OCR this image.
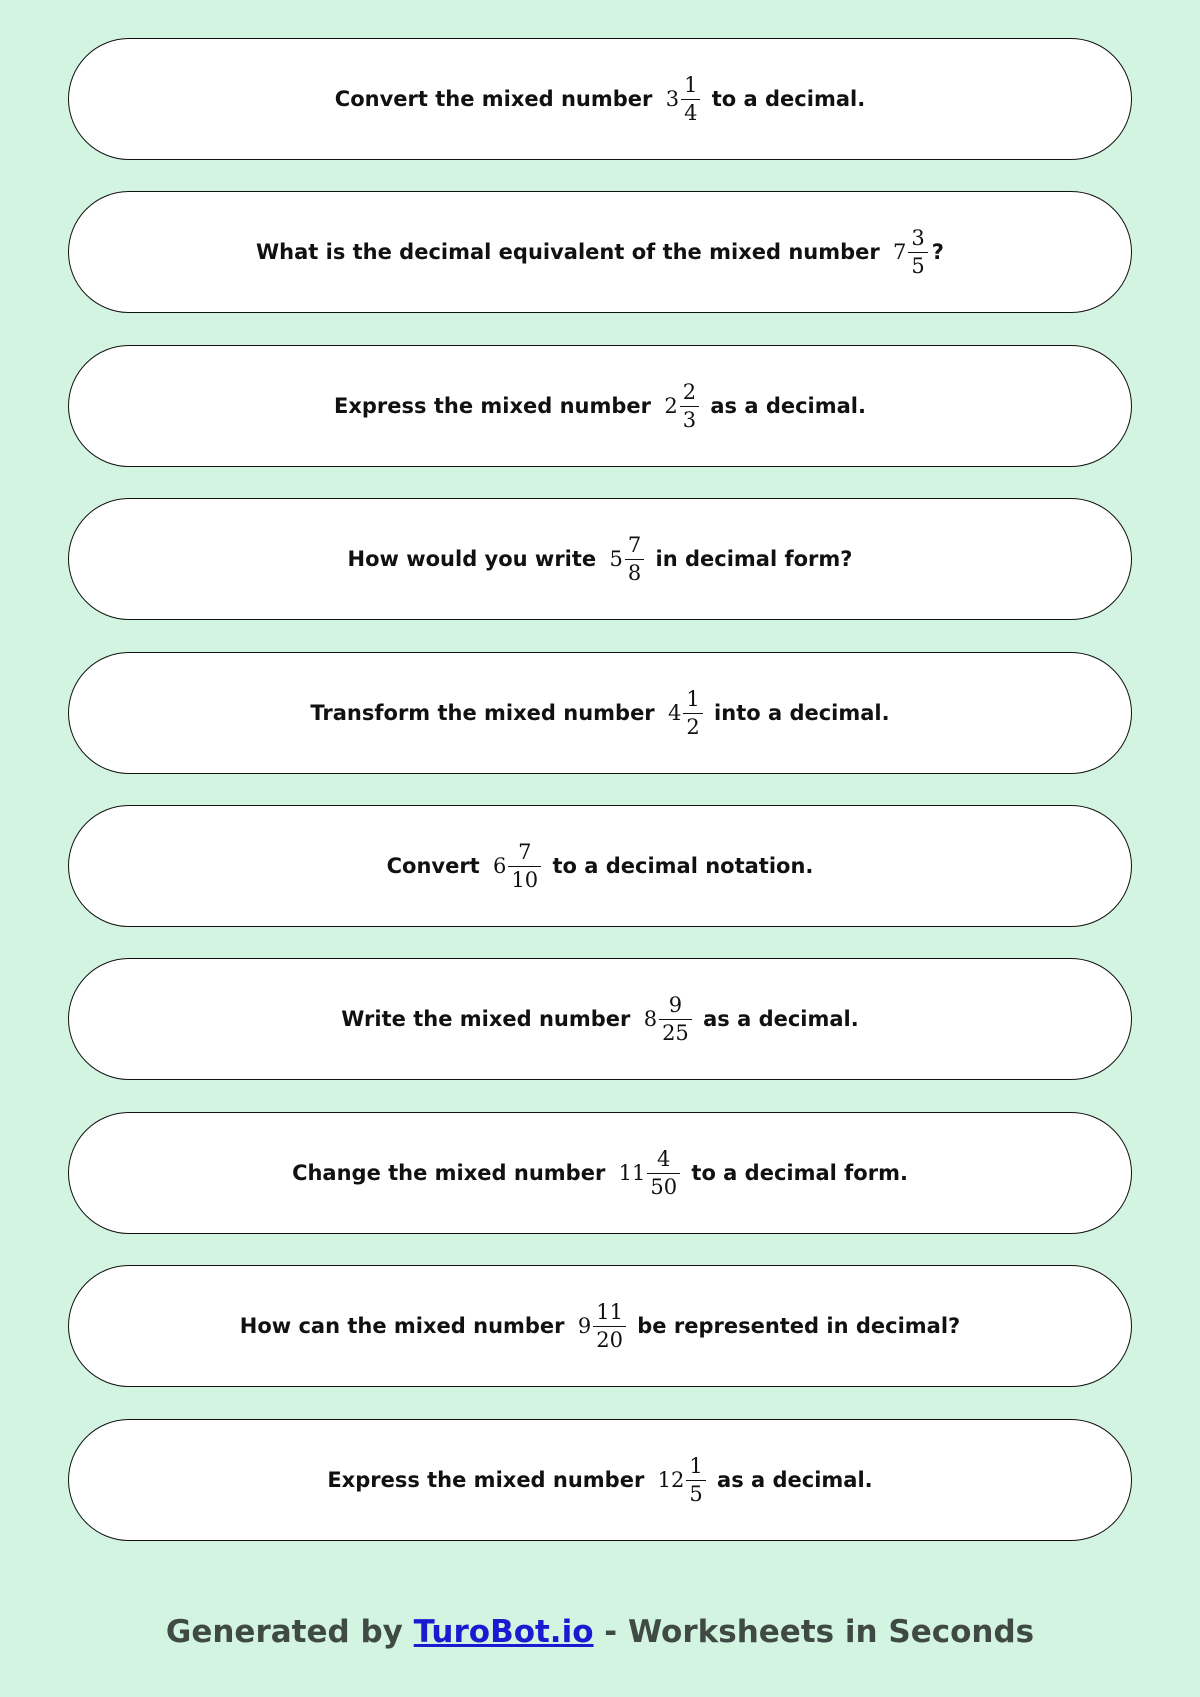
Convert the mixed number $3 \frac{1}{4}$ to a decimal.
What is the decimal equivalent of the mixed number $7 \frac{3}{5}$ ?
Express the mixed number $2 \frac{2}{3}$ as a decimal.
How would you write $5 \frac{7}{8}$ in decimal form?
Transform the mixed number $4 \frac{1}{2}$ into a decimal.
Convert $6 \frac{7}{10}$ to a decimal notation.
Write the mixed number $8 \frac{9}{25}$ as a decimal.
Change the mixed number $11 \frac{4}{50}$ to a decimal form.
How can the mixed number $9 \frac{11}{20}$ be represented in decimal?
Express the mixed number $12 \frac{1}{5}$ as a decimal.
Generated by TuroBot.io - Worksheets in Seconds
